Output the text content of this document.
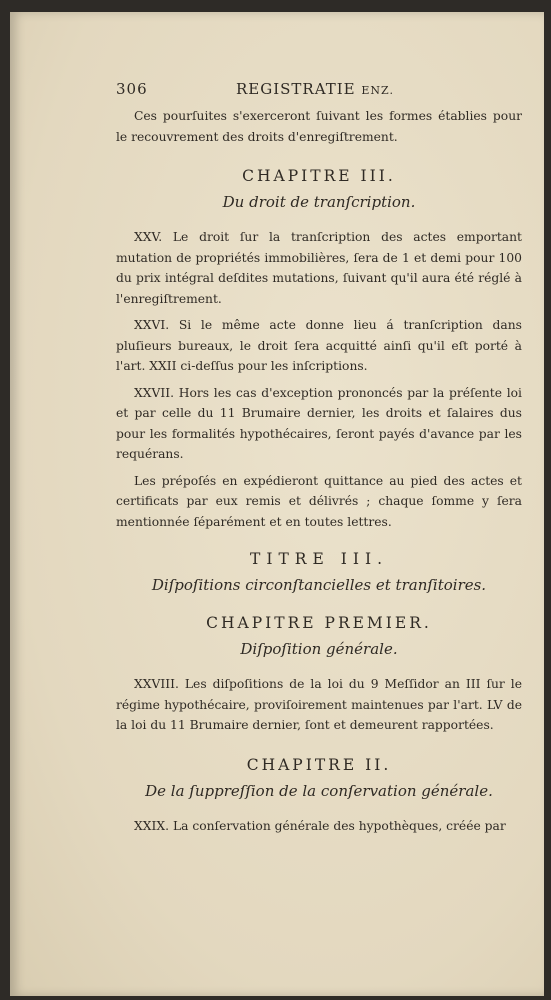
306	REGISTRATIE ENZ.

Ces pourſuites s'exerceront ſuivant les formes établies pour le recouvrement des droits d'enregiſtrement.

CHAPITRE III.
Du droit de tranſcription.

XXV. Le droit ſur la tranſcription des actes emportant mutation de propriétés immobilières, ſera de 1 et demi pour 100 du prix intégral deſdites mutations, ſuivant qu'il aura été réglé à l'enregiſtrement.

XXVI. Si le même acte donne lieu á tranſcription dans pluſieurs bureaux, le droit ſera acquitté ainſi qu'il eſt porté à l'art. XXII ci-deſſus pour les inſcriptions.

XXVII. Hors les cas d'exception prononcés par la préſente loi et par celle du 11 Brumaire dernier, les droits et ſalaires dus pour les formalités hypothécaires, ſeront payés d'avance par les requérans.

Les prépoſés en expédieront quittance au pied des actes et certificats par eux remis et délivrés ; chaque ſomme y ſera mentionnée ſéparément et en toutes lettres.

TITRE III.
Diſpoſitions circonſtancielles et tranſitoires.
CHAPITRE PREMIER.
Diſpoſition générale.

XXVIII. Les diſpoſitions de la loi du 9 Meſſidor an III ſur le régime hypothécaire, proviſoirement maintenues par l'art. LV de la loi du 11 Brumaire dernier, ſont et demeurent rapportées.

CHAPITRE II.
De la ſuppreſſion de la conſervation générale.

XXIX. La conſervation générale des hypothèques, créée par
